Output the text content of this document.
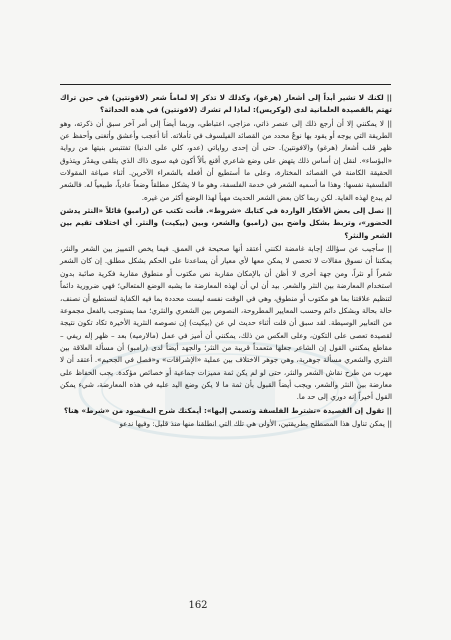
|| لكنك لا تشير أبداً إلى أشعار (هرغو)، وكذلك لا تذكر إلا لماماً شعر (لاقونتين) في حين تراك تهتم بالقصيدة العلمانية لدى (لوكريس): لماذا لم تشرك (لافونتين) في هذه الحداثة؟

|| لا يمكنني إلا أن أرجع ذلك إلى عنصر ذاتي، مزاجي، اعتباطي، وربما أيضاً إلى أمر آخر سبق أن ذكرته، وهو الطريقة التي يوجه أو يقود بها نوعٌ محدد من القصائد الفيلسوف في تأملاته. أنا أعجب وأعشق وأتغنى وأحفظ عن ظهر قلب أشعار (هرغو) و(لافونتين). حتى أن إحدى رواياتي (عدو، كلي على الدنيا) تفتتبس بنيتها من رواية «البؤساء». لنقل إن أساس ذلك يتهض على وضع شاعري أقنع بألاّ أكون فيه سوى ذاك الذي يتلقى ويقدّر ويتذوق الحقيقة الكامنة في القصائد المختارة، وعلى ما أستطيع أن أفعله بالشعراء الآخرين. أثناء صياغة المقولات الفلسفية نفسها: وهذا ما أسميه الشعر في خدمة الفلسفة، وهو ما لا يشكل مطلقاً وضعاً عادياً، طبيعياً له. فالشعر لم يبدع لهذه الغاية. لكن ربما كان بعض الشعر الحديث مهيأ لهذا الوضع أكثر من غيره.

|| نصل إلى بعض الأفكار الواردة في كتابك «شروط». فأنت تكتب عن (رامبو) قائلاً «النثر يدشن الحضور»، وتربط بشكل واضح بين (رامبو) والشعر، وبين (بيكيت) والنثر. أي اختلاف تقيم بين الشعر والنثر؟

|| سأجيب عن سؤالك إجابة غامضة لكنني أعتقد أنها صحيحة في العمق. فيما يخص التمييز بين الشعر والنثر، يمكننا أن نسوق مقالات لا تحصى لا يمكن معها لأي معيار أن يساعدنا على الحكم بشكل مطلق. إن كان الشعر شعراً أو نثراً، ومن جهة أخرى لا أظن أن بالإمكان مقاربة نص مكتوب أو منطوق مقاربة فكرية صائبة بدون استخدام المعارضة بين النثر والشعر. بيد أن لي أن لهذه المعارضة ما يشبه الوضع المتعالي؛ فهي ضرورية دائماً لتنظيم علاقتنا بما هو مكتوب أو منطوق، وهي في الوقت نفسه ليست محددة بما فيه الكفاية لنستطيع أن نصنف، حالة بحالة وبشكل دائم وحسب المعايير المطروحة، النصوص بين الشعري والنثري؛ مما يستوجب بالفعل مجموعة من التعابير الوسيطة. لقد سبق أن قلت أثناء حديث لي عن (بيكيت) إن نصوصه النثرية الأخيرة تكاد تكون نتيجة لقصيدة تعصى على التكون، وعلى العكس من ذلك، يمكنني أن أميز في عمل (مالارميه) بعد – ظهر إله ريفي – مقاطع يمكنني القول إن الشاعر جعلها متعمداً قريبة من النثر؛ والجهد أيضاً لدى (رامبو) أن مسألة العلاقة بين النثري والشعري مسألة جوهرية، وهي جوهر الاختلاف بين عملية «الإشراقات» و«فصل في الجحيم». أعتقد أن لا مهرب من طرح نقاش الشعر والنثر، حتى لو لم يكن ثمة مميزات جماعية أو خصائص مؤكدة. يجب الحفاظ على معارضة بين النثر والشعر، ويجب أيضاً القبول بأن ثمة ما لا يكن وضع اليد عليه في هذه المعارضة، شيء يمكن القول أخيراً إنه دوري إلى حد ما.

|| تقول إن القصيدة «تشترط الفلسفة وتسمي إليها»: أيمكنك شرح المقصود من «شرط» هنا؟

|| يمكن تناول هذا المصطلح بطريقتين، الأولى هي تلك التي انطلقنا منها منذ قليل: وفيها ندعو

162
